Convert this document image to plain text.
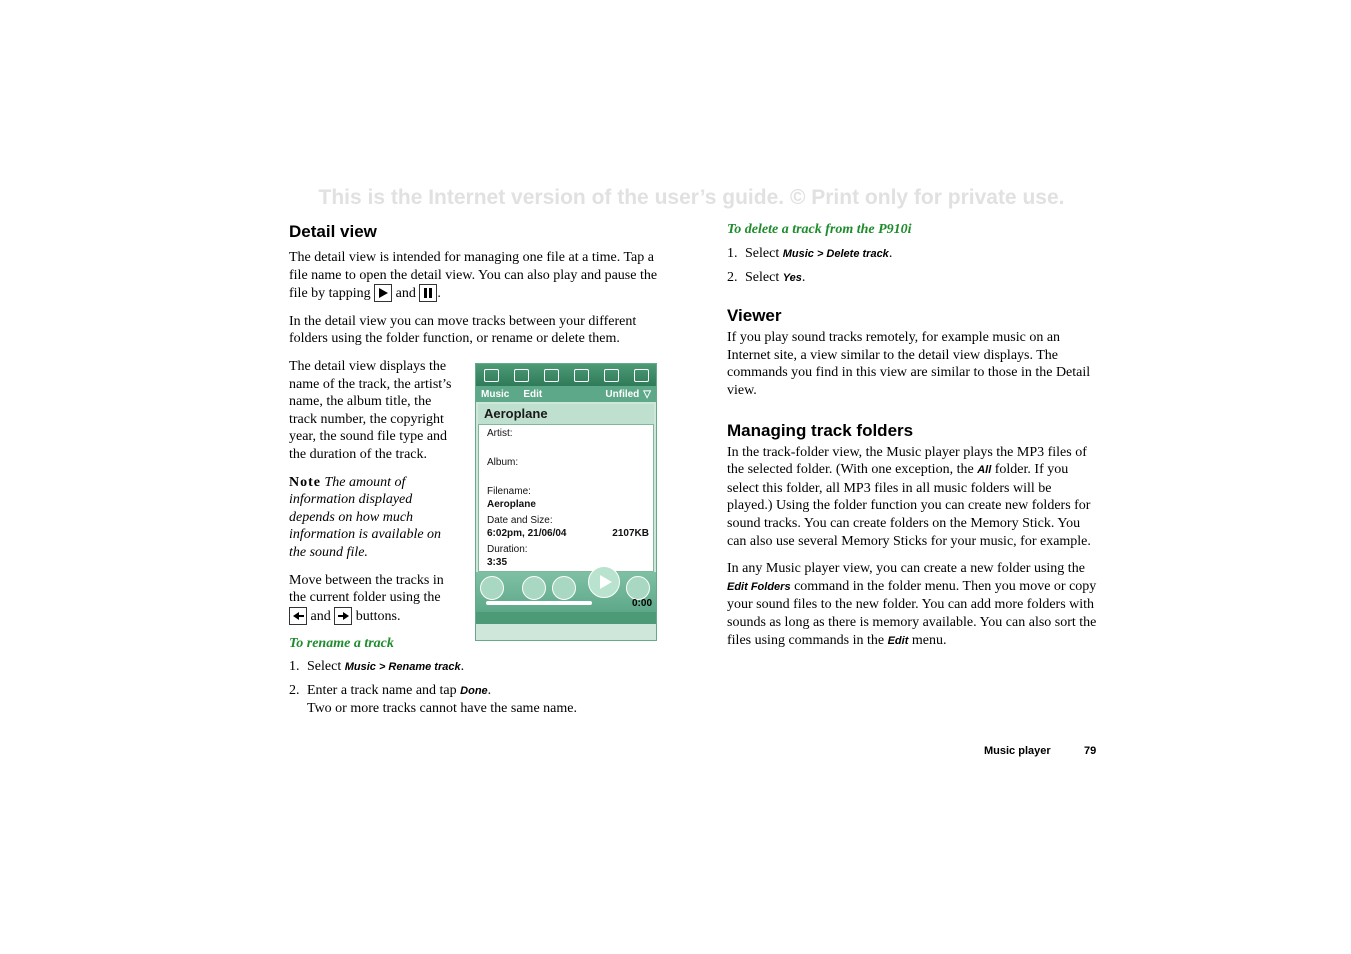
This is the Internet version of the user’s guide. © Print only for private use.
Detail view

The detail view is intended for managing one file at a time. Tap a file name to open the detail view. You can also play and pause the file by tapping and .

In the detail view you can move tracks between your different folders using the folder function, or rename or delete them.

The detail view displays the name of the track, the artist’s name, the album title, the track number, the copyright year, the sound file type and the duration of the track.

Note The amount of information displayed depends on how much information is available on the sound file.

Move between the tracks in the current folder using the  and buttons.

To rename a track
1. Select Music > Rename track.
2. Enter a track name and tap Done.
Two or more tracks cannot have the same name.
Music Edit	Unfiled ▽
Aeroplane
Artist:
Album:
Filename:
Aeroplane
Date and Size:
6:02pm, 21/06/04	2107KB
Duration:
3:35
0:00
To delete a track from the P910i
1. Select Music > Delete track.
2. Select Yes.
Viewer

If you play sound tracks remotely, for example music on an Internet site, a view similar to the detail view displays. The commands you find in this view are similar to those in the Detail view.

Managing track folders

In the track-folder view, the Music player plays the MP3 files of the selected folder. (With one exception, the All folder. If you select this folder, all MP3 files in all music folders will be played.) Using the folder function you can create new folders for sound tracks. You can create folders on the Memory Stick. You can also use several Memory Sticks for your music, for example.

In any Music player view, you can create a new folder using the Edit Folders command in the folder menu. Then you move or copy your sound files to the new folder. You can add more folders with sounds as long as there is memory available. You can also sort the files using commands in the Edit menu.

Music player	79
